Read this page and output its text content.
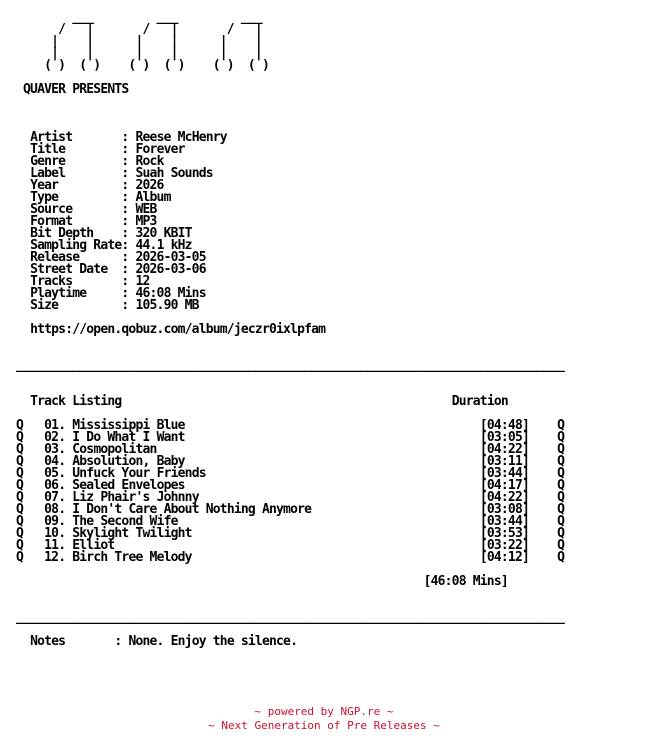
___         ___         ___
/   |       /   |       /   |
|    |      |    |      |    |
|    |      |    |      |    |
( )  ( )    ( )  ( )    ( )  ( )
QUAVER PRESENTS
Artist       : Reese McHenry
Title        : Forever
Genre        : Rock
Label        : Suah Sounds
Year         : 2026
Type         : Album
Source       : WEB
Format       : MP3
Bit Depth    : 320 KBIT
Sampling Rate: 44.1 kHz
Release      : 2026-03-05
Street Date  : 2026-03-06
Tracks       : 12
Playtime     : 46:08 Mins
Size         : 105.90 MB
https://open.qobuz.com/album/jeczr0ixlpfam
______________________________________________________________________________
Track Listing	Duration
Q 01. Mississippi Blue	[04:48] Q
Q 02. I Do What I Want	[03:05] Q
Q 03. Cosmopolitan	[04:22] Q
Q 04. Absolution, Baby	[03:11] Q
Q 05. Unfuck Your Friends	[03:44] Q
Q 06. Sealed Envelopes	[04:17] Q
Q 07. Liz Phair's Johnny	[04:22] Q
Q 08. I Don't Care About Nothing Anymore	[03:08] Q
Q 09. The Second Wife	[03:44] Q
Q 10. Skylight Twilight	[03:53] Q
Q 11. Elliot	[03:22] Q
Q 12. Birch Tree Melody	[04:12] Q
[46:08 Mins]
______________________________________________________________________________
Notes       : None. Enjoy the silence.
~ powered by NGP.re ~
~ Next Generation of Pre Releases ~
